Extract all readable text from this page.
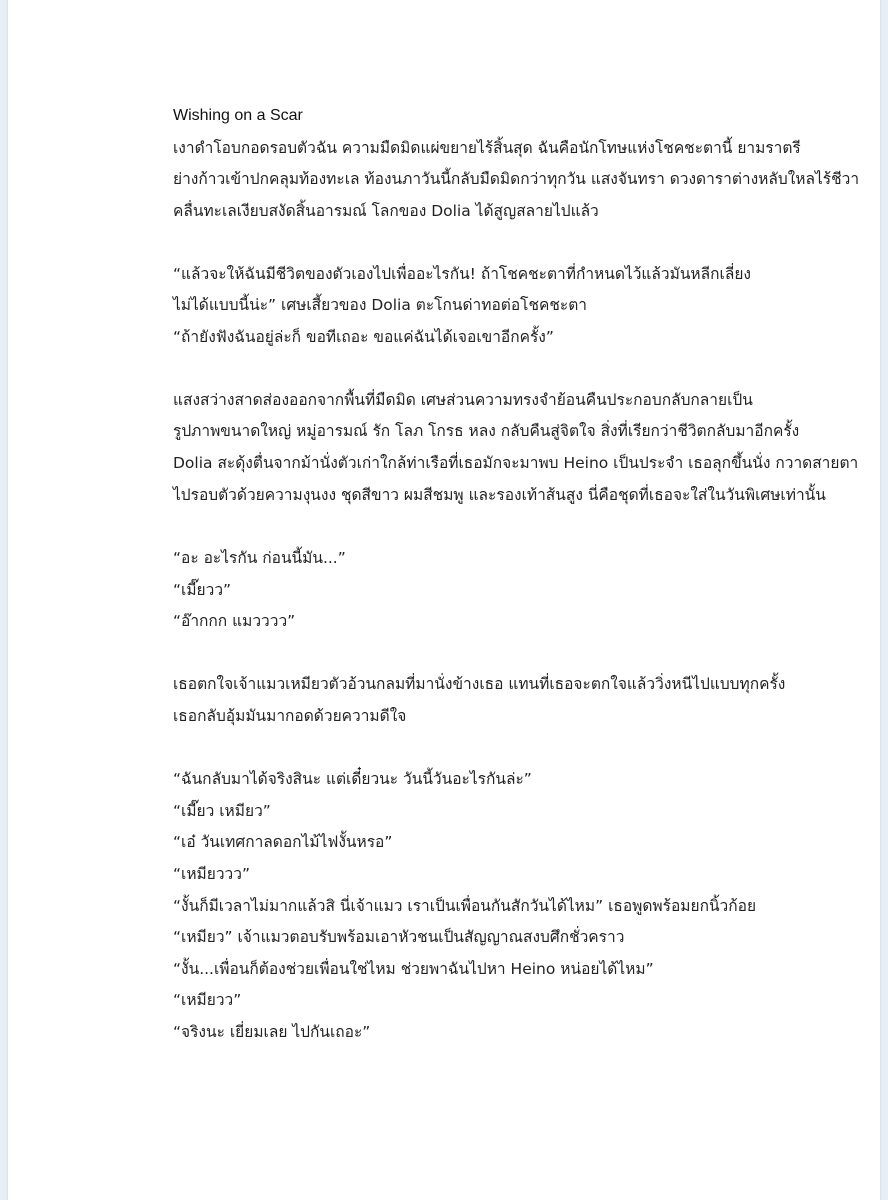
Wishing on a Scar
เงาดำโอบกอดรอบตัวฉัน ความมืดมิดแผ่ขยายไร้สิ้นสุด ฉันคือนักโทษแห่งโชคชะตานี้ ยามราตรี
ย่างก้าวเข้าปกคลุมท้องทะเล ท้องนภาวันนี้กลับมืดมิดกว่าทุกวัน แสงจันทรา ดวงดาราต่างหลับใหลไร้ชีวา
คลื่นทะเลเงียบสงัดสิ้นอารมณ์ โลกของ Dolia ได้สูญสลายไปแล้ว
“แล้วจะให้ฉันมีชีวิตของตัวเองไปเพื่ออะไรกัน! ถ้าโชคชะตาที่กำหนดไว้แล้วมันหลีกเลี่ยง
ไม่ได้แบบนี้น่ะ” เศษเสี้ยวของ Dolia ตะโกนด่าทอต่อโชคชะตา
“ถ้ายังฟังฉันอยู่ล่ะก็ ขอทีเถอะ ขอแค่ฉันได้เจอเขาอีกครั้ง”
แสงสว่างสาดส่องออกจากพื้นที่มืดมิด เศษส่วนความทรงจำย้อนคืนประกอบกลับกลายเป็น
รูปภาพขนาดใหญ่ หมู่อารมณ์ รัก โลภ โกรธ หลง กลับคืนสู่จิตใจ สิ่งที่เรียกว่าชีวิตกลับมาอีกครั้ง
Dolia สะดุ้งตื่นจากม้านั่งตัวเก่าใกล้ท่าเรือที่เธอมักจะมาพบ Heino เป็นประจำ เธอลุกขึ้นนั่ง กวาดสายตา
ไปรอบตัวด้วยความงุนงง ชุดสีขาว ผมสีชมพู และรองเท้าส้นสูง นี่คือชุดที่เธอจะใส่ในวันพิเศษเท่านั้น
“อะ อะไรกัน ก่อนนี้มัน...”
“เมี๊ยวว”
“อ๊ากกก แมวววว”
เธอตกใจเจ้าแมวเหมียวตัวอ้วนกลมที่มานั่งข้างเธอ แทนที่เธอจะตกใจแล้ววิ่งหนีไปแบบทุกครั้ง
เธอกลับอุ้มมันมากอดด้วยความดีใจ
“ฉันกลับมาได้จริงสินะ แต่เดี๋ยวนะ วันนี้วันอะไรกันล่ะ”
“เมี๊ยว เหมียว”
“เอ๋ วันเทศกาลดอกไม้ไฟงั้นหรอ”
“เหมียววว”
“งั้นก็มีเวลาไม่มากแล้วสิ นี่เจ้าแมว เราเป็นเพื่อนกันสักวันได้ไหม” เธอพูดพร้อมยกนิ้วก้อย
“เหมียว” เจ้าแมวตอบรับพร้อมเอาหัวชนเป็นสัญญาณสงบศึกชั่วคราว
“งั้น...เพื่อนก็ต้องช่วยเพื่อนใช่ไหม ช่วยพาฉันไปหา Heino หน่อยได้ไหม”
“เหมียวว”
“จริงนะ เยี่ยมเลย ไปกันเถอะ”
